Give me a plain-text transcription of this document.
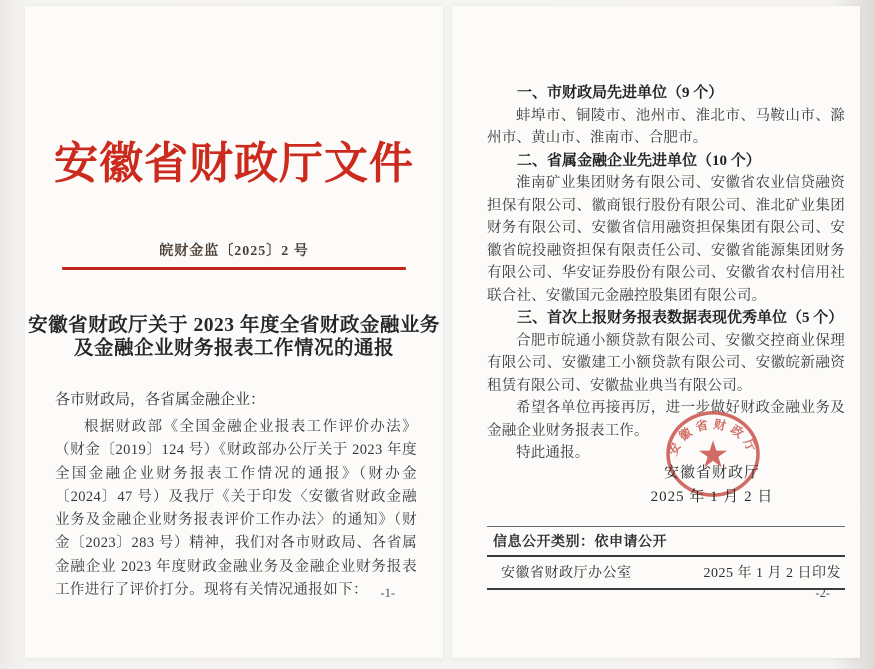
安徽省财政厅文件
皖财金监〔2025〕2 号
安徽省财政厅关于 2023 年度全省财政金融业务
及金融企业财务报表工作情况的通报
各市财政局，各省属金融企业：

根据财政部《全国金融企业报表工作评价办法》（财金〔2019〕124 号）《财政部办公厅关于 2023 年度全国金融企业财务报表工作情况的通报》（财办金〔2024〕47 号）及我厅《关于印发〈安徽省财政金融业务及金融企业财务报表评价工作办法〉的通知》（财金〔2023〕283 号）精神，我们对各市财政局、各省属金融企业 2023 年度财政金融业务及金融企业财务报表工作进行了评价打分。现将有关情况通报如下：	-1-
一、市财政局先进单位（9 个）

蚌埠市、铜陵市、池州市、淮北市、马鞍山市、滁州市、黄山市、淮南市、合肥市。

二、省属金融企业先进单位（10 个）

淮南矿业集团财务有限公司、安徽省农业信贷融资担保有限公司、徽商银行股份有限公司、淮北矿业集团财务有限公司、安徽省信用融资担保集团有限公司、安徽省皖投融资担保有限责任公司、安徽省能源集团财务有限公司、华安证券股份有限公司、安徽省农村信用社联合社、安徽国元金融控股集团有限公司。

三、首次上报财务报表数据表现优秀单位（5 个）

合肥市皖通小额贷款有限公司、安徽交控商业保理有限公司、安徽建工小额贷款有限公司、安徽皖新融资租赁有限公司、安徽盐业典当有限公司。

希望各单位再接再厉，进一步做好财政金融业务及金融企业财务报表工作。

特此通报。	安徽省财政厅
安徽省财政厅
2025 年 1 月 2 日
信息公开类别：依申请公开
安徽省财政厅办公室	2025 年 1 月 2 日印发
-2-
